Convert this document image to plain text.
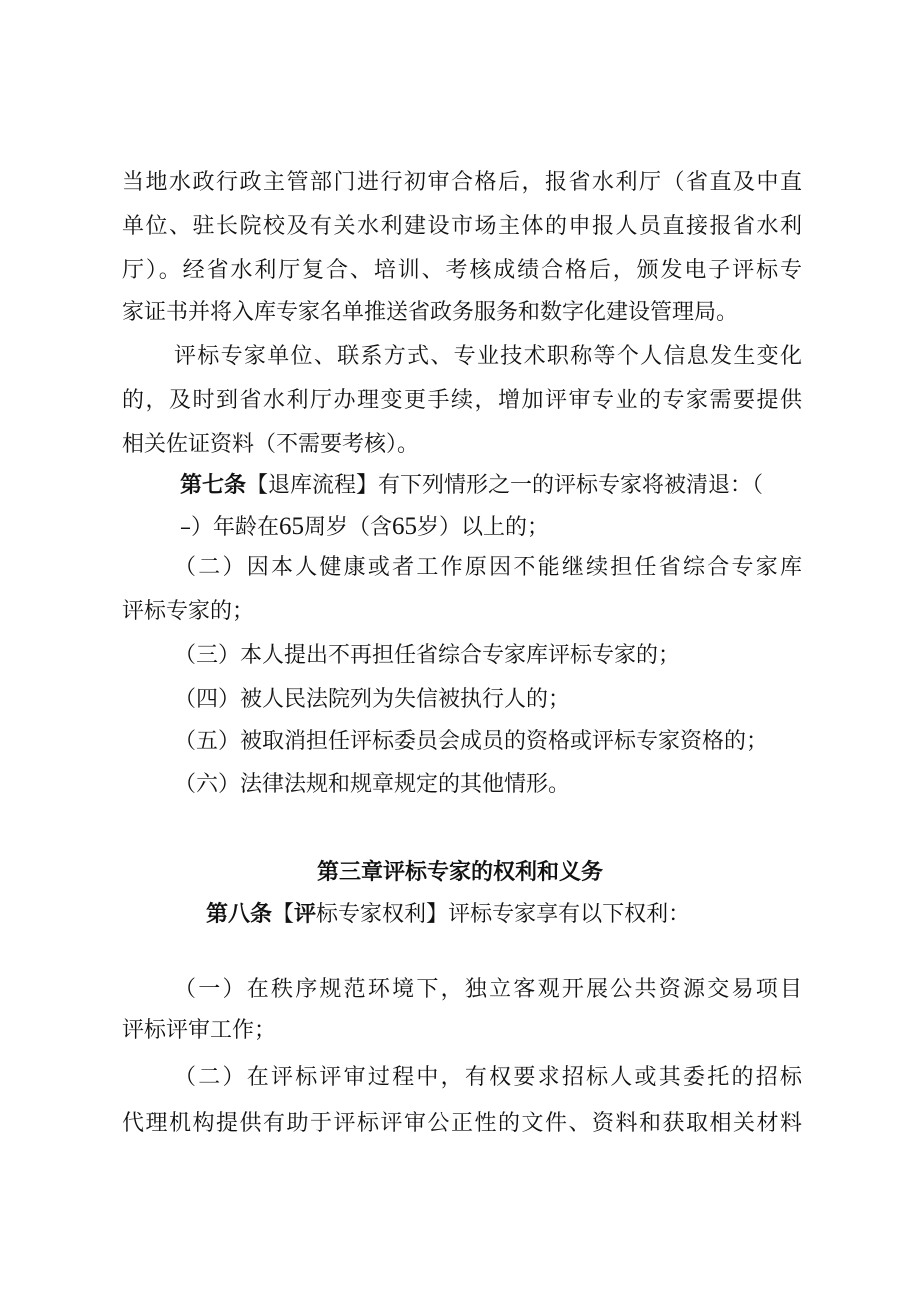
当地水政行政主管部门进行初审合格后，报省水利厅（省直及中直
单位、驻长院校及有关水利建设市场主体的申报人员直接报省水利
厅）。经省水利厅复合、培训、考核成绩合格后，颁发电子评标专
家证书并将入库专家名单推送省政务服务和数字化建设管理局。
评标专家单位、联系方式、专业技术职称等个人信息发生变化
的，及时到省水利厅办理变更手续，增加评审专业的专家需要提供
相关佐证资料（不需要考核）。
第七条【退库流程】有下列情形之一的评标专家将被清退：（
–）年龄在65周岁（含65岁）以上的；
（二）因本人健康或者工作原因不能继续担任省综合专家库
评标专家的；
（三）本人提出不再担任省综合专家库评标专家的；
（四）被人民法院列为失信被执行人的；
（五）被取消担任评标委员会成员的资格或评标专家资格的；
（六）法律法规和规章规定的其他情形。
第三章评标专家的权利和义务
第八条【评标专家权利】评标专家享有以下权利：
（一）在秩序规范环境下，独立客观开展公共资源交易项目
评标评审工作；
（二）在评标评审过程中，有权要求招标人或其委托的招标
代理机构提供有助于评标评审公正性的文件、资料和获取相关材料
